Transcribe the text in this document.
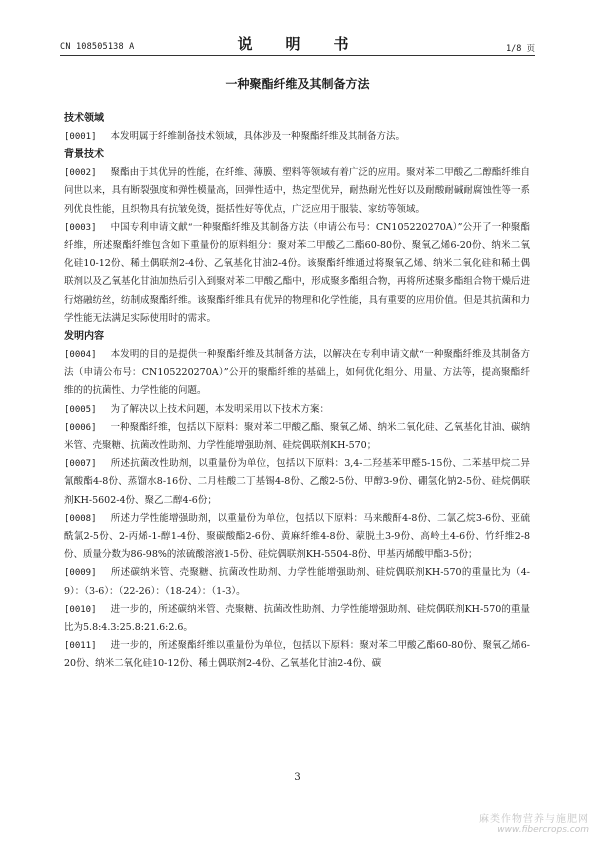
CN 108505138 A	说　明　书	1/8 页
一种聚酯纤维及其制备方法
技术领域

[0001] 本发明属于纤维制备技术领域，具体涉及一种聚酯纤维及其制备方法。

背景技术

[0002] 聚酯由于其优异的性能，在纤维、薄膜、塑料等领域有着广泛的应用。聚对苯二甲酸乙二醇酯纤维自问世以来，具有断裂强度和弹性模量高，回弹性适中，热定型优异，耐热耐光性好以及耐酸耐碱耐腐蚀性等一系列优良性能，且织物具有抗皱免烫，挺括性好等优点，广泛应用于服装、家纺等领域。

[0003] 中国专利申请文献“一种聚酯纤维及其制备方法（申请公布号：CN105220270A）”公开了一种聚酯纤维，所述聚酯纤维包含如下重量份的原料组分：聚对苯二甲酸乙二酯60-80份、聚氧乙烯6-20份、纳米二氧化硅10-12份、稀土偶联剂2-4份、乙氧基化甘油2-4份。该聚酯纤维通过将聚氧乙烯、纳米二氧化硅和稀土偶联剂以及乙氧基化甘油加热后引入到聚对苯二甲酸乙酯中，形成聚多酯组合物，再将所述聚多酯组合物干燥后进行熔融纺丝，纺制成聚酯纤维。该聚酯纤维具有优异的物理和化学性能，具有重要的应用价值。但是其抗菌和力学性能无法满足实际使用时的需求。

发明内容

[0004] 本发明的目的是提供一种聚酯纤维及其制备方法，以解决在专利申请文献“一种聚酯纤维及其制备方法（申请公布号：CN105220270A）”公开的聚酯纤维的基础上，如何优化组分、用量、方法等，提高聚酯纤维的的抗菌性、力学性能的问题。

[0005] 为了解决以上技术问题，本发明采用以下技术方案：

[0006] 一种聚酯纤维，包括以下原料：聚对苯二甲酸乙酯、聚氧乙烯、纳米二氧化硅、乙氧基化甘油、碳纳米管、壳聚糖、抗菌改性助剂、力学性能增强助剂、硅烷偶联剂KH-570；

[0007] 所述抗菌改性助剂，以重量份为单位，包括以下原料：3,4-二羟基苯甲醛5-15份、二苯基甲烷二异氰酸酯4-8份、蒸馏水8-16份、二月桂酸二丁基锡4-8份、乙酸2-5份、甲醇3-9份、硼氢化钠2-5份、硅烷偶联剂KH-5602-4份、聚乙二醇4-6份；

[0008] 所述力学性能增强助剂，以重量份为单位，包括以下原料：马来酸酐4-8份、二氯乙烷3-6份、亚硫酰氯2-5份、2-丙烯-1-醇1-4份、聚碳酸酯2-6份、黄麻纤维4-8份、蒙脱土3-9份、高岭土4-6份、竹纤维2-8份、质量分数为86-98%的浓硫酸溶液1-5份、硅烷偶联剂KH-5504-8份、甲基丙烯酸甲酯3-5份；

[0009] 所述碳纳米管、壳聚糖、抗菌改性助剂、力学性能增强助剂、硅烷偶联剂KH-570的重量比为（4-9）：（3-6）：（22-26）：（18-24）：（1-3）。

[0010] 进一步的，所述碳纳米管、壳聚糖、抗菌改性助剂、力学性能增强助剂、硅烷偶联剂KH-570的重量比为5.8:4.3:25.8:21.6:2.6。

[0011] 进一步的，所述聚酯纤维以重量份为单位，包括以下原料：聚对苯二甲酸乙酯60-80份、聚氧乙烯6-20份、纳米二氧化硅10-12份、稀土偶联剂2-4份、乙氧基化甘油2-4份、碳

3
麻类作物营养与施肥网
www.fibercrops.com
